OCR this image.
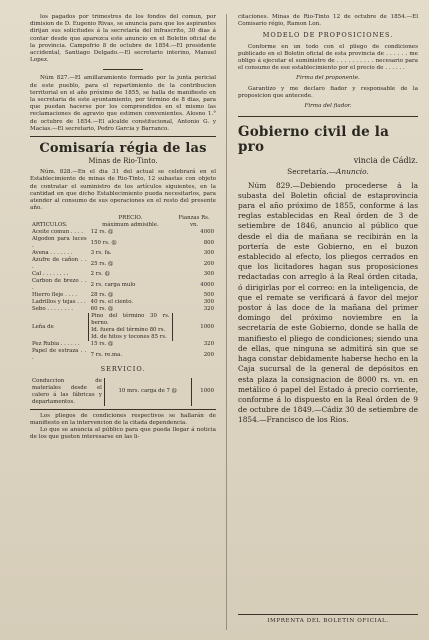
los pagados por trimestres de los fondos del comun, por dimision de D. Eugenio Rivas, se anuncia para que los aspirantes dirijan sus solicitudes á la secretaría del infrascrito, 30 dias á contar desde que aparezca este anuncio en el Boletin oficial de la provincia. Campofrio 8 de octubre de 1854.—El presidente accidental, Santiago Delgado.—El secretario interino, Manuel Lopez.

Núm 827.—El amillaramiento formado por la junta pericial de este pueblo, para el repartimiento de la contribucion territorial en el año próximo de 1855, se halla de manifiesto en la secretaria de este ayuntamiento, por término de 8 dias, para que puedan hacerse por los comprendidos en el mismo las reclamaciones de agravio que estimen convenientes. Alosno 1.° de octubre de 1854.—El alcalde constitucional, Antonio G. y Macias.—El secretario, Pedro Garcia y Barranco.

Comisaría régia de las
Minas de Rio-Tinto.

Núm. 828.—En el dia 31 del actual se celebrará en el Establecimiento de minas de Rio-Tinto, 12 subastas con objeto de contratar el suministro de los artículos siguientes, en la cantidad en que dicho Establecimiento pueda necesitarlos, para atender al consumo de sus operaciones en el resto del presente año.

ARTICULOS.	PRECIO.
máximum admisible.	Fianzas Rs. vn.
Aceite comun . . . .	12 rs. @	4000
Algodon para luces .	150 rs. @	800
Avena . . . . . . .	3 rs. fa.	300
Azufre de cañon . . .	25 rs. @	200
Cal . . . . . . . .	2 rs. @	300
Carbon de brezo . . .	2 rs. carga mulo	4000
Hierro fleje . . . .	28 rs. @	500
Ladrillos y tejas . . .	40 rs. el ciento.	300
Sebo . . . . . . . .	60 rs. @	320
Leña de	Pino del término 30 rs. berno.
Id. fuera del término 80 rs.
Id. de hitos y tocones 85 rs.	1000
Pez Rubia . . . . . .	15 rs. @	320
Papel de estraza . . .	7 rs. re.ma.	200
SERVICIO.
Conduccion de materiales desde el calero á las fábricas y departamentos.	10 mrs. carga de 7 @	1000

Los pliegos de condiciones respectivos se hallarán de manifiesto en la intervencion de la citada dependencia.

Lo que se anuncia al público para que pueda llegar á noticia de los que gusten interesarse en las li-

citaciones. Minas de Rio-Tinto 12 de octubre de 1854.—El Comisario régio, Ramon Lon.

MODELO DE PROPOSICIONES.

Conforme en un todo con el pliego de condiciones publicado en el Boletin oficial de esta provincia de . . . . . . me obligo á ejecutar el suministro de . . . . . . . . . . necesario para el consumo de ese establecimiento por el precio de . . . . . .

Firma del proponente.

Garantizo y me declaro fiador y responsable de la proposicion que antecede.

Firma del fiador.
Gobierno civil de la pro
vincia de Cádiz.
Secretaría.—Anuncio.

Núm 829.—Debiendo procederse á la subasta del Boletin oficial de estaprovincia para el año próximo de 1855, conforme á las reglas establecidas en Real órden de 3 de setiembre de 1846, anuncio al público que desde el dia de mañana se recibirán en la portería de este Gobierno, en el buzon establecido al efecto, los pliegos cerrados en que los licitadores hagan sus proposiciones redactadas con arreglo á la Real órden citada, ó dirigirlas por el correo: en la inteligencia, de que el remate se verificará á favor del mejor postor á las doce de la mañana del primer domingo del próximo noviembre en la secretaría de este Gobierno, donde se halla de manifiesto el pliego de condiciones; siendo una de ellas, que ninguna se admitirá sin que se haga constar debidamente haberse hecho en la Caja sucursal de la general de depósitos en esta plaza la consignacion de 8000 rs. vn. en metálico ó papel del Estado á precio corriente, conforme á lo dispuesto en la Real órden de 9 de octubre de 1849.—Cádiz 30 de setiembre de 1854.—Francisco de los Rios.

IMPRENTA DEL BOLETIN OFICIAL.
